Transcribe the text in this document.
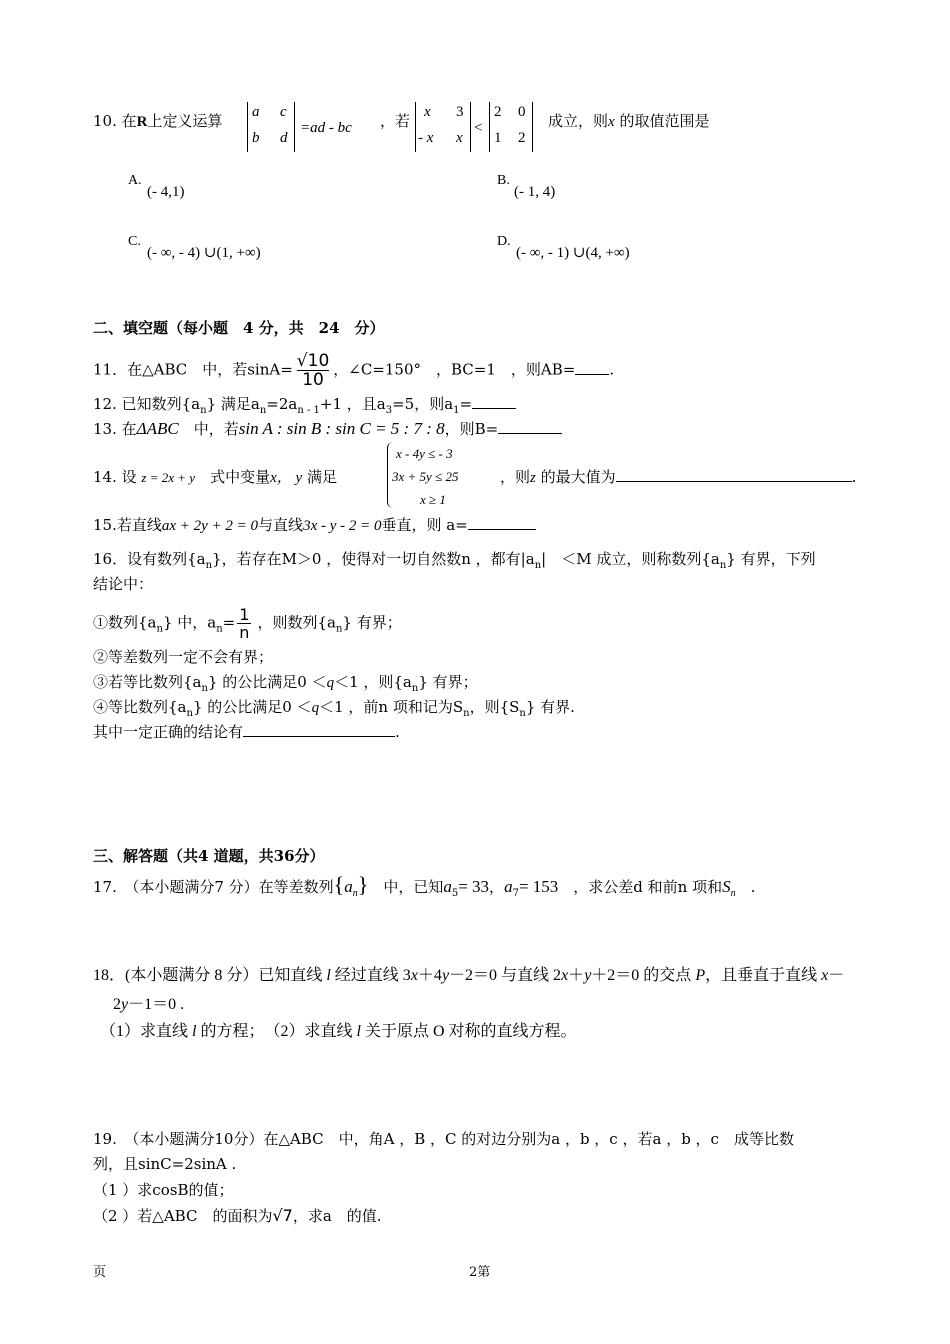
10. 在R上定义运算 a c
b d
=ad - bc ，若 x 3
- x x
<
2 0
1 2
成立，则x 的取值范围是
A.
(- 4,1)
B.
(- 1, 4)
C.
(- ∞, - 4) ∪(1, +∞)
D.
(- ∞, - 1) ∪(4, +∞)
二、填空题（每小题　4 分，共　24　分）
11．在△ABC　中，若$\sin A= \frac{√10}{10}$ ，∠C=150°　，BC=1　，则AB= .
12. 已知数列$\{a_n\}$ 满足$a_n=2a_{n - 1}+1$ ，且$a_3=5$，则$a_1=$
13. 在ΔABC　 中，若sin A : sin B : sin C = 5 : 7 : 8，则B=
14. 设 z = 2x + y　 式中变量x， y 满足
x - 4y ≤ - 3
3x + 5y ≤ 25
x ≥ 1
，则z 的最大值为	.
15.若直线ax + 2y + 2 = 0与直线3x - y - 2 = 0垂直，则 a=
16．设有数列$\{a_n\}$，若存在M＞0 ，使得对一切自然数n ，都有$|a_n|$　＜M 成立，则称数列$\{a_n\}$ 有界，下列
结论中：
①数列$\{a_n\}$ 中，$a_n= \frac{1}{n}$ ，则数列$\{a_n\}$ 有界；
②等差数列一定不会有界；
③若等比数列$\{a_n\}$ 的公比满足0 ＜q＜1 ，则$\{a_n\}$ 有界；
④等比数列$\{a_n\}$ 的公比满足0 ＜q＜1 ，前n 项和记为$S_n$，则$\{S_n\}$ 有界.
其中一定正确的结论有	.
三、解答题（共4 道题，共36分）
17.　（本小题满分7 分）在等差数列$\{a_n\}$　 中，已知$a_5= 33$，$a_7= 153$　 ，求公差d 和前n 项和$S_n$　 .
18．(本小题满分 8 分）已知直线 l 经过直线 3x＋4y－2＝0 与直线 2x＋y＋2＝0 的交点 P，且垂直于直线 x－
2y－1＝0 .
（1）求直线 l 的方程；　（2）求直线 l 关于原点 O 对称的直线方程。
19.　（本小题满分10分）在△ABC　中，角A ，B ，C 的对边分别为a ，b ，c ，若a ，b ，c　成等比数
列，且sinC=2sinA .
（1 ）求cosB的值；
（2 ）若△ABC　的面积为√7，求a　的值.
页	2第
